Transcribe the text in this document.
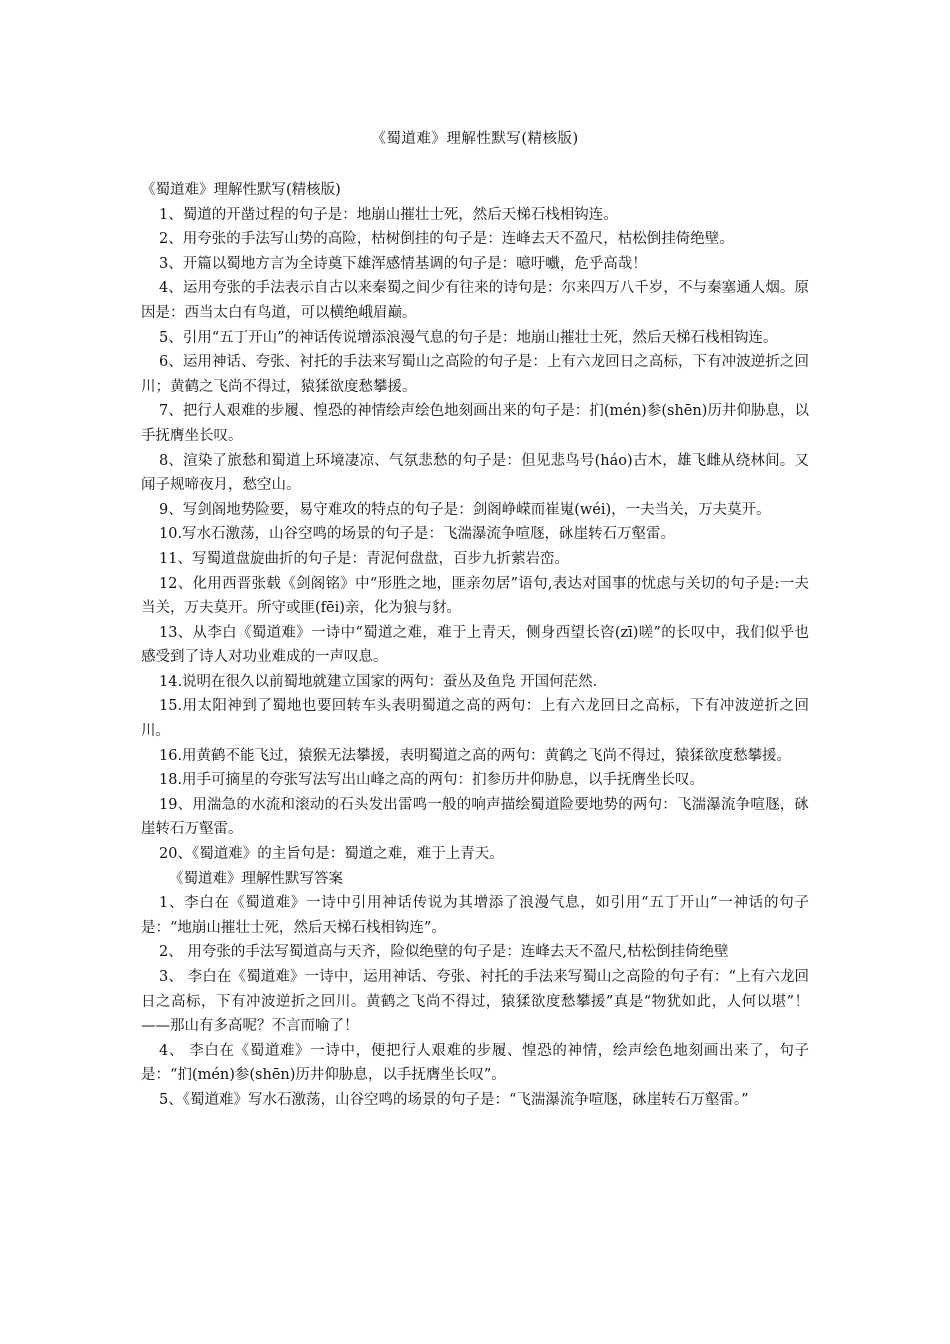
《蜀道难》理解性默写(精核版)

《蜀道难》理解性默写(精核版)

1、蜀道的开凿过程的句子是：地崩山摧壮士死，然后天梯石栈相钩连。

2、用夸张的手法写山势的高险，枯树倒挂的句子是：连峰去天不盈尺，枯松倒挂倚绝壁。

3、开篇以蜀地方言为全诗奠下雄浑感情基调的句子是：噫吁嚱，危乎高哉！

4、运用夸张的手法表示自古以来秦蜀之间少有往来的诗句是：尔来四万八千岁，不与秦塞通人烟。原因是：西当太白有鸟道，可以横绝峨眉巅。

5、引用“五丁开山”的神话传说增添浪漫气息的句子是：地崩山摧壮士死，然后天梯石栈相钩连。

6、运用神话、夸张、衬托的手法来写蜀山之高险的句子是：上有六龙回日之高标，下有冲波逆折之回川；黄鹤之飞尚不得过，猿猱欲度愁攀援。

7、把行人艰难的步履、惶恐的神情绘声绘色地刻画出来的句子是：扪(mén)参(shēn)历井仰胁息，以手抚膺坐长叹。

8、渲染了旅愁和蜀道上环境凄凉、气氛悲愁的句子是：但见悲鸟号(háo)古木，雄飞雌从绕林间。又闻子规啼夜月，愁空山。

9、写剑阁地势险要，易守难攻的特点的句子是：剑阁峥嵘而崔嵬(wéi)，一夫当关，万夫莫开。

10.写水石激荡，山谷空鸣的场景的句子是：飞湍瀑流争喧豗，砯崖转石万壑雷。

11、写蜀道盘旋曲折的句子是：青泥何盘盘，百步九折萦岩峦。

12、化用西晋张载《剑阁铭》中“形胜之地，匪亲勿居”语句,表达对国事的忧虑与关切的句子是:一夫当关，万夫莫开。所守或匪(fēi)亲，化为狼与豺。

13、从李白《蜀道难》一诗中“蜀道之难，难于上青天，侧身西望长咨(zī)嗟”的长叹中，我们似乎也感受到了诗人对功业难成的一声叹息。

14.说明在很久以前蜀地就建立国家的两句：蚕丛及鱼凫 开国何茫然.

15.用太阳神到了蜀地也要回转车头表明蜀道之高的两句：上有六龙回日之高标，下有冲波逆折之回川。

16.用黄鹤不能飞过，猿猴无法攀援，表明蜀道之高的两句：黄鹤之飞尚不得过，猿猱欲度愁攀援。

18.用手可摘星的夸张写法写出山峰之高的两句：扪参历井仰胁息，以手抚膺坐长叹。

19、用湍急的水流和滚动的石头发出雷鸣一般的响声描绘蜀道险要地势的两句：飞湍瀑流争喧豗，砯崖转石万壑雷。

20、《蜀道难》的主旨句是：蜀道之难，难于上青天。

《蜀道难》理解性默写答案

1、李白在《蜀道难》一诗中引用神话传说为其增添了浪漫气息，如引用“五丁开山”一神话的句子是：“地崩山摧壮士死，然后天梯石栈相钩连”。

2、 用夸张的手法写蜀道高与天齐，险似绝壁的句子是：连峰去天不盈尺,枯松倒挂倚绝壁

3、 李白在《蜀道难》一诗中，运用神话、夸张、衬托的手法来写蜀山之高险的句子有：“上有六龙回日之高标，下有冲波逆折之回川。黄鹤之飞尚不得过，猿猱欲度愁攀援”真是“物犹如此，人何以堪”！——那山有多高呢？不言而喻了！

4、 李白在《蜀道难》一诗中，便把行人艰难的步履、惶恐的神情，绘声绘色地刻画出来了，句子是：“扪(mén)参(shēn)历井仰胁息，以手抚膺坐长叹”。

5、《蜀道难》写水石激荡，山谷空鸣的场景的句子是：“飞湍瀑流争喧豗，砯崖转石万壑雷。”
